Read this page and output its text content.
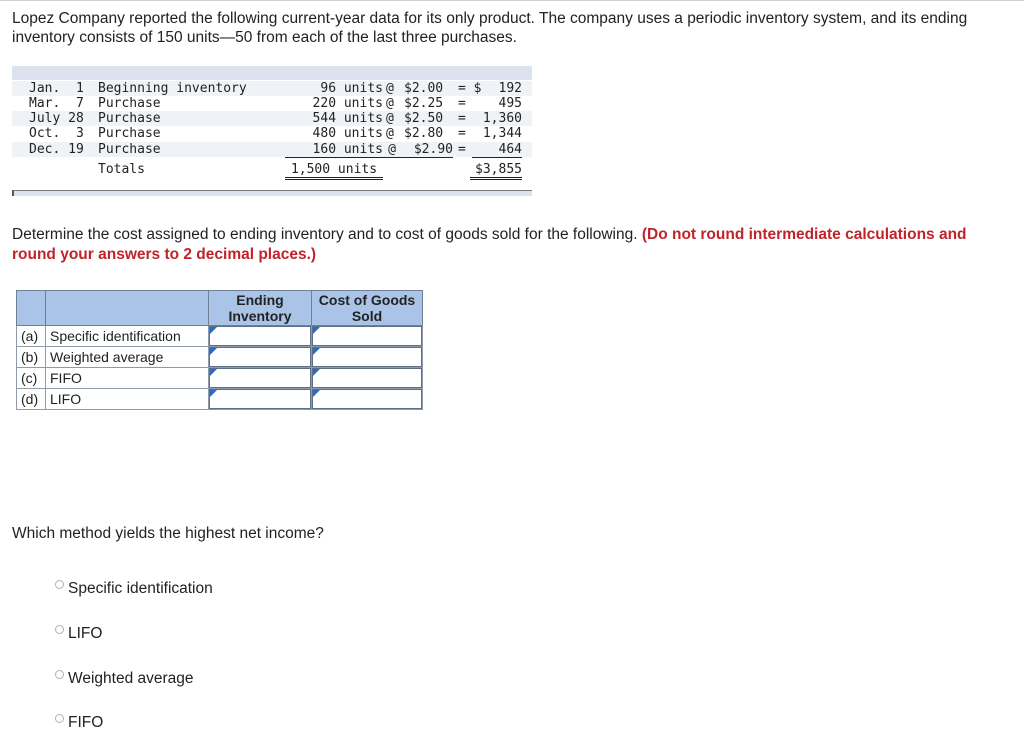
Lopez Company reported the following current-year data for its only product. The company uses a periodic inventory system, and its ending inventory consists of 150 units—50 from each of the last three purchases.
Jan.  1 Beginning inventory	96 units @ $2.00 = $	192
Mar.  7 Purchase	220 units @ $2.25 =	495
July 28 Purchase	544 units @ $2.50 = 1,360
Oct.  3 Purchase	480 units @ $2.80 = 1,344
Dec. 19 Purchase	160 units @	$2.90 =	464
Totals	1,500 units	$3,855
Determine the cost assigned to ending inventory and to cost of goods sold for the following. (Do not round intermediate calculations and round your answers to 2 decimal places.)
		Ending Inventory	Cost of Goods Sold
(a)	Specific identification	

(b)	Weighted average	

(c)	FIFO	

(d)	LIFO	

Which method yields the highest net income?
Specific identification
LIFO
Weighted average
FIFO
